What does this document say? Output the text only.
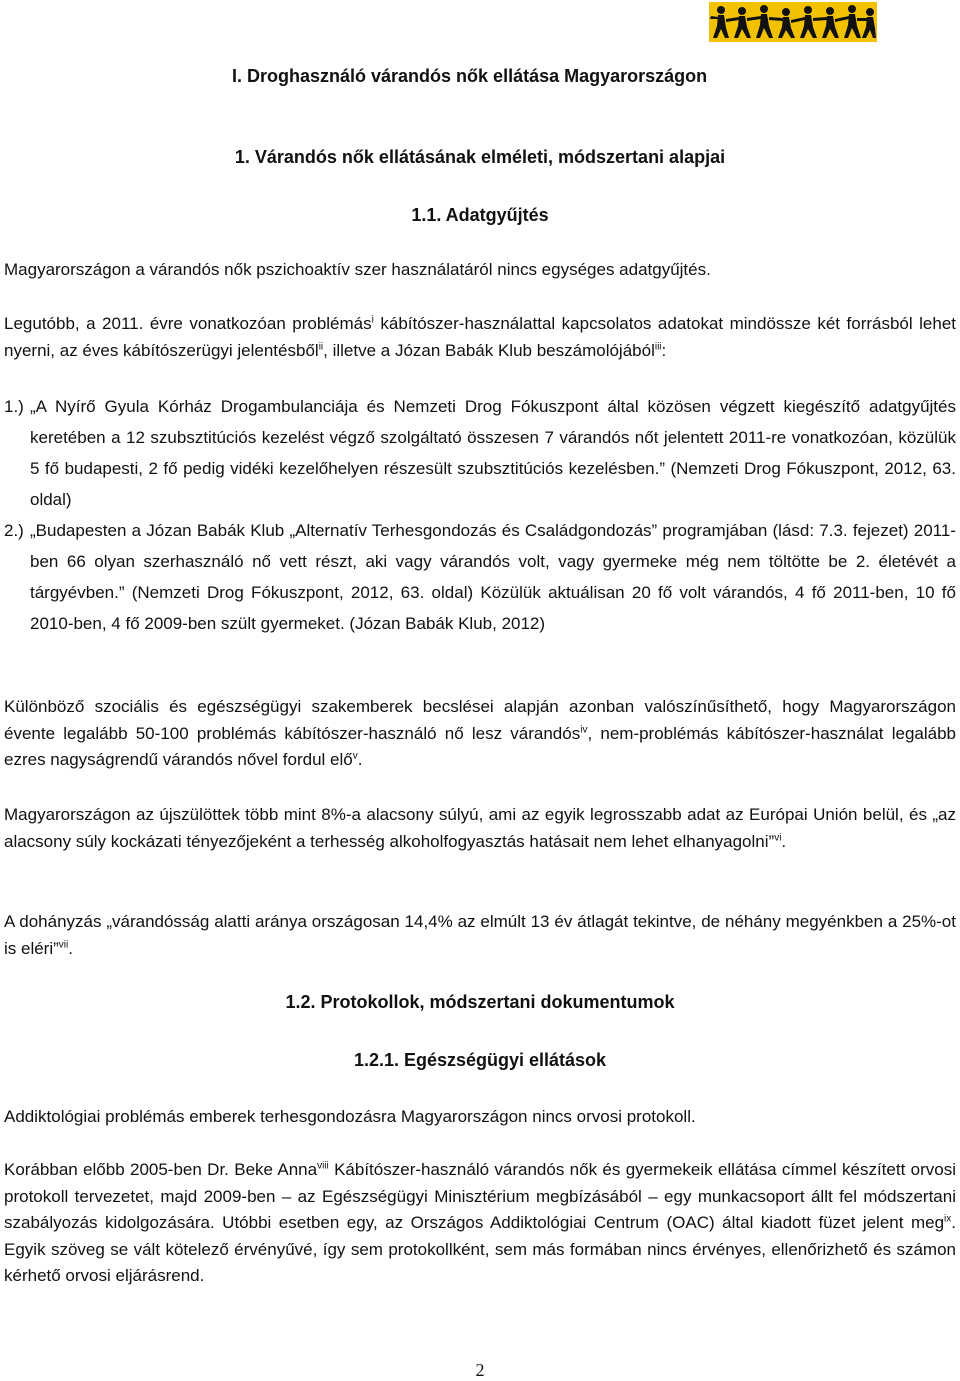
I. Droghasználó várandós nők ellátása Magyarországon
1. Várandós nők ellátásának elméleti, módszertani alapjai
1.1. Adatgyűjtés
Magyarországon a várandós nők pszichoaktív szer használatáról nincs egységes adatgyűjtés.
Legutóbb, a 2011. évre vonatkozóan problémás$^i$ kábítószer-használattal kapcsolatos adatokat mindössze két forrásból lehet nyerni, az éves kábítószerügyi jelentésből$^{ii}$, illetve a Józan Babák Klub beszámolójából$^{iii}$:
1.) „A Nyírő Gyula Kórház Drogambulanciája és Nemzeti Drog Fókuszpont által közösen végzett kiegészítő adatgyűjtés keretében a 12 szubsztitúciós kezelést végző szolgáltató összesen 7 várandós nőt jelentett 2011-re vonatkozóan, közülük 5 fő budapesti, 2 fő pedig vidéki kezelőhelyen részesült szubsztitúciós kezelésben.” (Nemzeti Drog Fókuszpont, 2012, 63. oldal)
2.) „Budapesten a Józan Babák Klub „Alternatív Terhesgondozás és Családgondozás” programjában (lásd: 7.3. fejezet) 2011-ben 66 olyan szerhasználó nő vett részt, aki vagy várandós volt, vagy gyermeke még nem töltötte be 2. életévét a tárgyévben.” (Nemzeti Drog Fókuszpont, 2012, 63. oldal) Közülük aktuálisan 20 fő volt várandós, 4 fő 2011-ben, 10 fő 2010-ben, 4 fő 2009-ben szült gyermeket. (Józan Babák Klub, 2012)
Különböző szociális és egészségügyi szakemberek becslései alapján azonban valószínűsíthető, hogy Magyarországon évente legalább 50-100 problémás kábítószer-használó nő lesz várandós$^{iv}$, nem-problémás kábítószer-használat legalább ezres nagyságrendű várandós nővel fordul elő$^v$.
Magyarországon az újszülöttek több mint 8%-a alacsony súlyú, ami az egyik legrosszabb adat az Európai Unión belül, és „az alacsony súly kockázati tényezőjeként a terhesség alkoholfogyasztás hatásait nem lehet elhanyagolni”$^{vi}$.
A dohányzás „várandósság alatti aránya országosan 14,4% az elmúlt 13 év átlagát tekintve, de néhány megyénkben a 25%-ot is eléri”$^{vii}$.
1.2. Protokollok, módszertani dokumentumok
1.2.1. Egészségügyi ellátások
Addiktológiai problémás emberek terhesgondozásra Magyarországon nincs orvosi protokoll.
Korábban előbb 2005-ben Dr. Beke Anna$^{viii}$ Kábítószer-használó várandós nők és gyermekeik ellátása címmel készített orvosi protokoll tervezetet, majd 2009-ben – az Egészségügyi Minisztérium megbízásából – egy munkacsoport állt fel módszertani szabályozás kidolgozására. Utóbbi esetben egy, az Országos Addiktológiai Centrum (OAC) által kiadott füzet jelent meg$^{ix}$. Egyik szöveg se vált kötelező érvényűvé, így sem protokollként, sem más formában nincs érvényes, ellenőrizhető és számon kérhető orvosi eljárásrend.
2
